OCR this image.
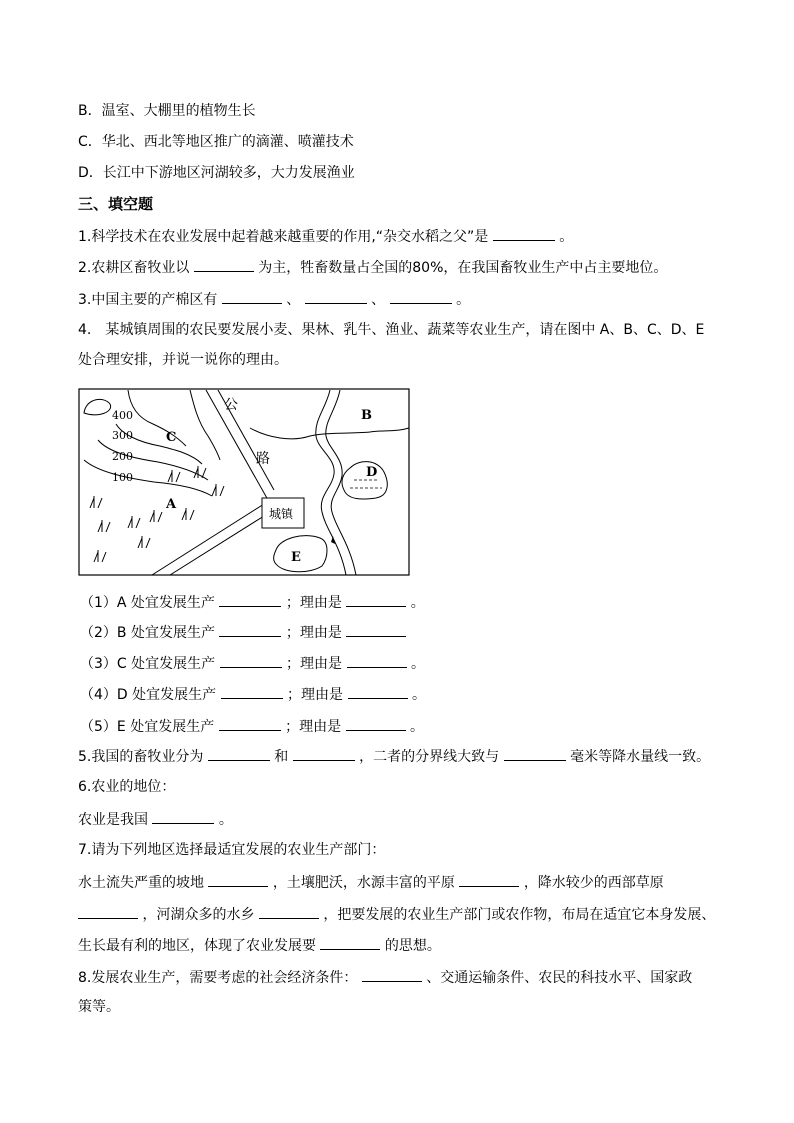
B．温室、大棚里的植物生长
C．华北、西北等地区推广的滴灌、喷灌技术
D．长江中下游地区河湖较多，大力发展渔业
三、填空题
1.科学技术在农业发展中起着越来越重要的作用,“杂交水稻之父”是	。
2.农耕区畜牧业以	为主，牲畜数量占全国的80%，在我国畜牧业生产中占主要地位。
3.中国主要的产棉区有	、	、	。
4.　某城镇周围的农民要发展小麦、果林、乳牛、渔业、蔬菜等农业生产，请在图中 A、B、C、D、E
处合理安排，并说一说你的理由。
400
300
200
100
公
路
城镇
A
B
C
D
E
（1）A 处宜发展生产	；理由是	。
（2）B 处宜发展生产	；理由是
（3）C 处宜发展生产	；理由是	。
（4）D 处宜发展生产	；理由是	。
（5）E 处宜发展生产	；理由是	。
5.我国的畜牧业分为	和	，二者的分界线大致与	毫米等降水量线一致。
6.农业的地位：
农业是我国	。
7.请为下列地区选择最适宜发展的农业生产部门：
水土流失严重的坡地	，土壤肥沃，水源丰富的平原	，降水较少的西部草原
，河湖众多的水乡	，把要发展的农业生产部门或农作物，布局在适宜它本身发展、
生长最有利的地区，体现了农业发展要	的思想。
8.发展农业生产，需要考虑的社会经济条件：	、交通运输条件、农民的科技水平、国家政
策等。
